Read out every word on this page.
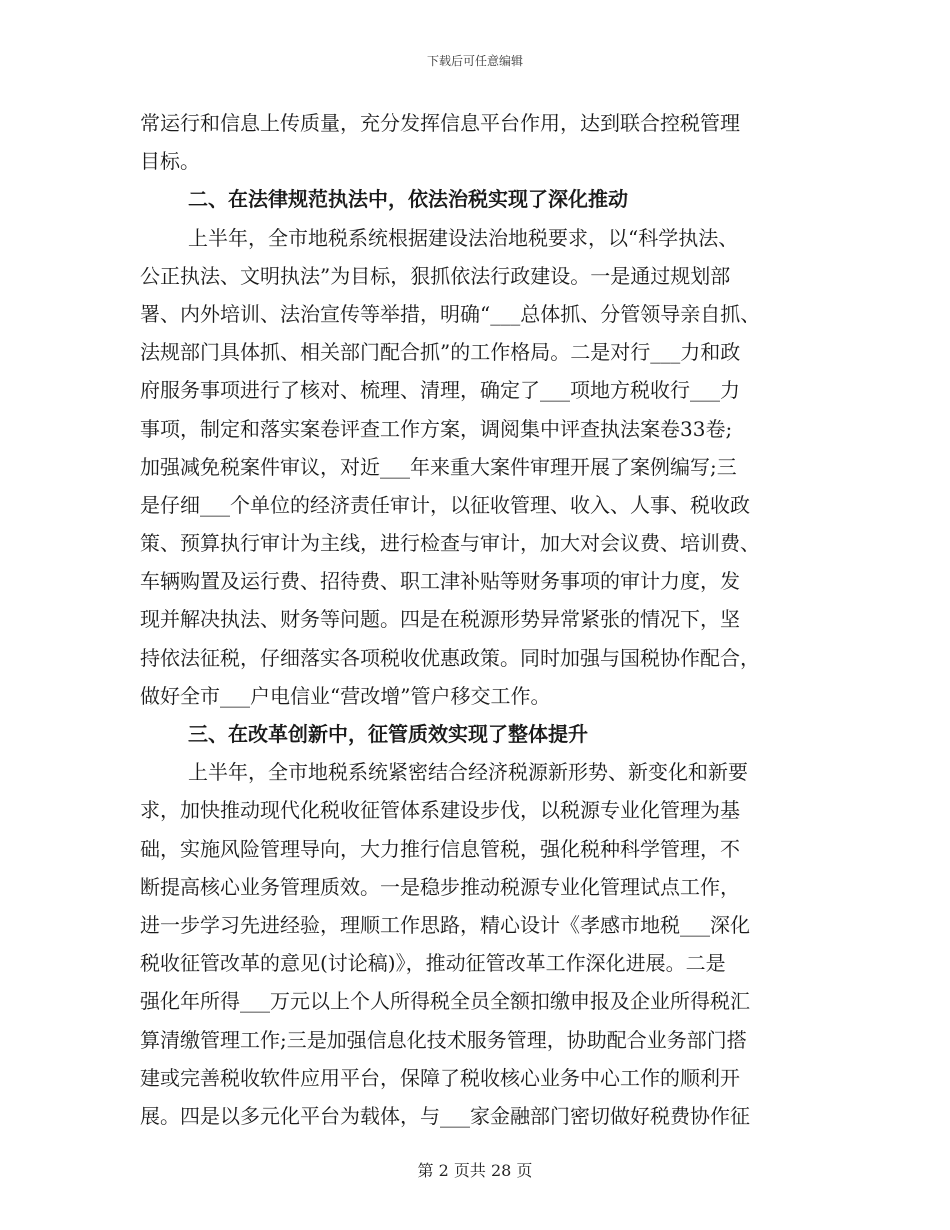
下载后可任意编辑
常运行和信息上传质量，充分发挥信息平台作用，达到联合控税管理
目标。
二、在法律规范执法中，依法治税实现了深化推动
上半年，全市地税系统根据建设法治地税要求，以“科学执法、
公正执法、文明执法”为目标，狠抓依法行政建设。一是通过规划部
署、内外培训、法治宣传等举措，明确“___总体抓、分管领导亲自抓、
法规部门具体抓、相关部门配合抓”的工作格局。二是对行___力和政
府服务事项进行了核对、梳理、清理，确定了___项地方税收行___力
事项，制定和落实案卷评查工作方案，调阅集中评查执法案卷33卷;
加强减免税案件审议，对近___年来重大案件审理开展了案例编写;三
是仔细___个单位的经济责任审计，以征收管理、收入、人事、税收政
策、预算执行审计为主线，进行检查与审计，加大对会议费、培训费、
车辆购置及运行费、招待费、职工津补贴等财务事项的审计力度，发
现并解决执法、财务等问题。四是在税源形势异常紧张的情况下，坚
持依法征税，仔细落实各项税收优惠政策。同时加强与国税协作配合，
做好全市___户电信业“营改增”管户移交工作。
三、在改革创新中，征管质效实现了整体提升
上半年，全市地税系统紧密结合经济税源新形势、新变化和新要
求，加快推动现代化税收征管体系建设步伐，以税源专业化管理为基
础，实施风险管理导向，大力推行信息管税，强化税种科学管理，不
断提高核心业务管理质效。一是稳步推动税源专业化管理试点工作，
进一步学习先进经验，理顺工作思路，精心设计《孝感市地税___深化
税收征管改革的意见(讨论稿)》，推动征管改革工作深化进展。二是
强化年所得___万元以上个人所得税全员全额扣缴申报及企业所得税汇
算清缴管理工作;三是加强信息化技术服务管理，协助配合业务部门搭
建或完善税收软件应用平台，保障了税收核心业务中心工作的顺利开
展。四是以多元化平台为载体，与___家金融部门密切做好税费协作征
第 2 页共 28 页
